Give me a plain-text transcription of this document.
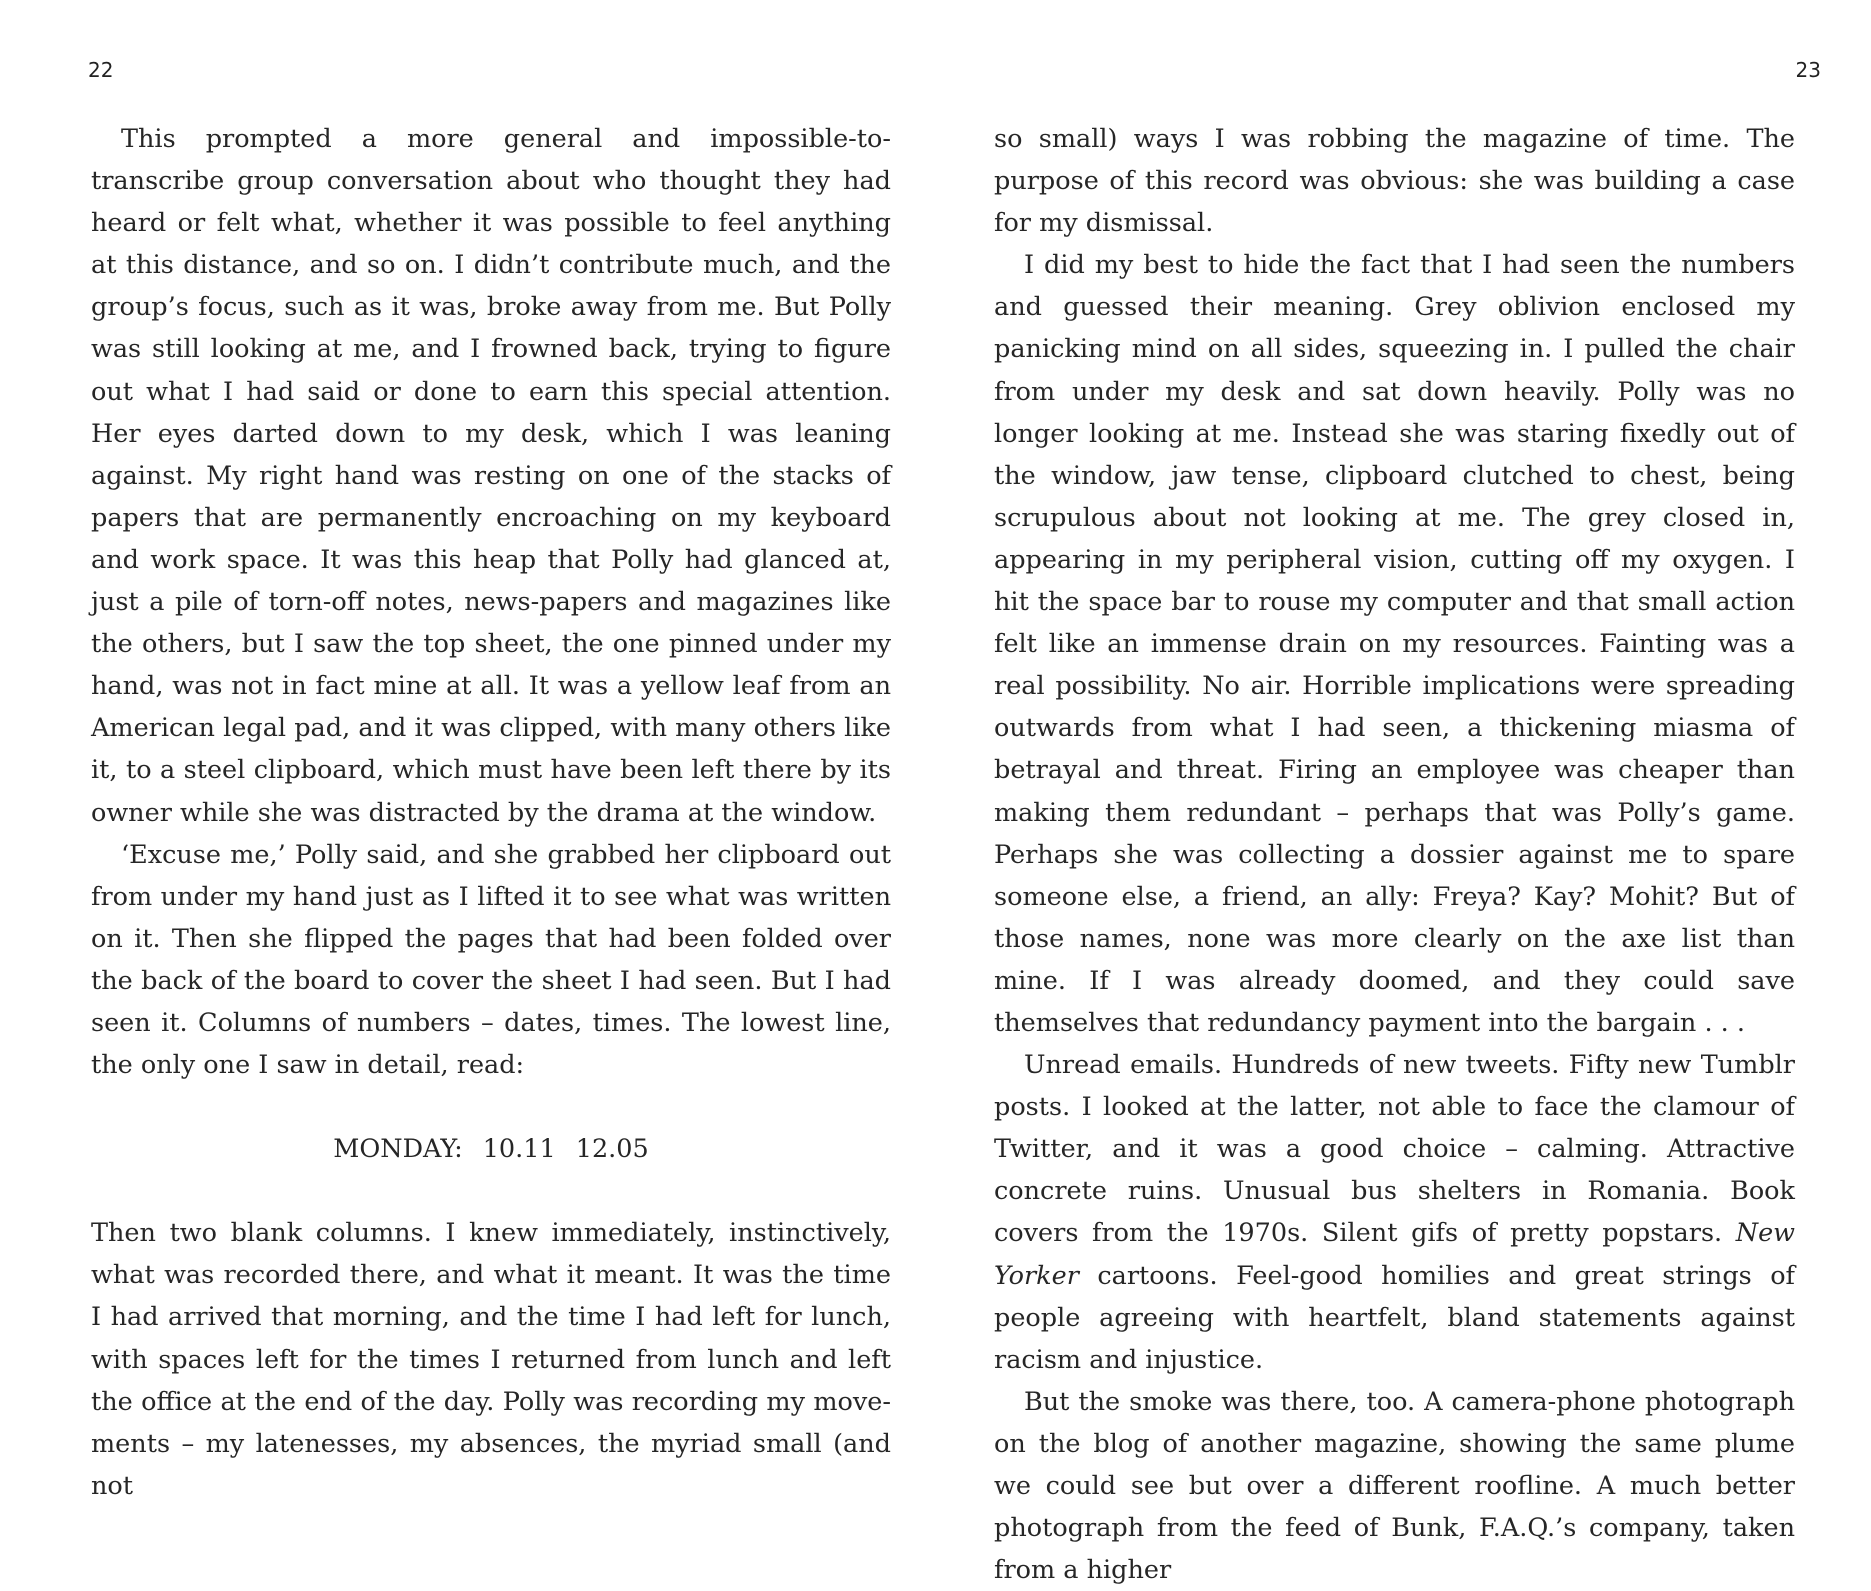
22

This prompted a more general and impossible-to-transcribe group conversation about who thought they had heard or felt what, whether it was possible to feel anything at this distance, and so on. I didn’t contribute much, and the group’s focus, such as it was, broke away from me. But Polly was still looking at me, and I frowned back, trying to figure out what I had said or done to earn this special attention. Her eyes darted down to my desk, which I was leaning against. My right hand was resting on one of the stacks of papers that are permanently encroaching on my keyboard and work space. It was this heap that Polly had glanced at, just a pile of torn-off notes, news-papers and magazines like the others, but I saw the top sheet, the one pinned under my hand, was not in fact mine at all. It was a yellow leaf from an American legal pad, and it was clipped, with many others like it, to a steel clipboard, which must have been left there by its owner while she was distracted by the drama at the window.

‘Excuse me,’ Polly said, and she grabbed her clipboard out from under my hand just as I lifted it to see what was written on it. Then she flipped the pages that had been folded over the back of the board to cover the sheet I had seen. But I had seen it. Columns of numbers – dates, times. The lowest line, the only one I saw in detail, read:

MONDAY: 10.11 12.05

Then two blank columns. I knew immediately, instinctively, what was recorded there, and what it meant. It was the time I had arrived that morning, and the time I had left for lunch, with spaces left for the times I returned from lunch and left the office at the end of the day. Polly was recording my move-ments – my latenesses, my absences, the myriad small (and not

23

so small) ways I was robbing the magazine of time. The purpose of this record was obvious: she was building a case for my dismissal.

I did my best to hide the fact that I had seen the numbers and guessed their meaning. Grey oblivion enclosed my panicking mind on all sides, squeezing in. I pulled the chair from under my desk and sat down heavily. Polly was no longer looking at me. Instead she was staring fixedly out of the window, jaw tense, clipboard clutched to chest, being scrupulous about not looking at me. The grey closed in, appearing in my peripheral vision, cutting off my oxygen. I hit the space bar to rouse my computer and that small action felt like an immense drain on my resources. Fainting was a real possibility. No air. Horrible implications were spreading outwards from what I had seen, a thickening miasma of betrayal and threat. Firing an employee was cheaper than making them redundant – perhaps that was Polly’s game. Perhaps she was collecting a dossier against me to spare someone else, a friend, an ally: Freya? Kay? Mohit? But of those names, none was more clearly on the axe list than mine. If I was already doomed, and they could save themselves that redundancy payment into the bargain . . .

Unread emails. Hundreds of new tweets. Fifty new Tumblr posts. I looked at the latter, not able to face the clamour of Twitter, and it was a good choice – calming. Attractive concrete ruins. Unusual bus shelters in Romania. Book covers from the 1970s. Silent gifs of pretty popstars. New Yorker cartoons. Feel-good homilies and great strings of people agreeing with heartfelt, bland statements against racism and injustice.

But the smoke was there, too. A camera-phone photograph on the blog of another magazine, showing the same plume we could see but over a different roofline. A much better photograph from the feed of Bunk, F.A.Q.’s company, taken from a higher
